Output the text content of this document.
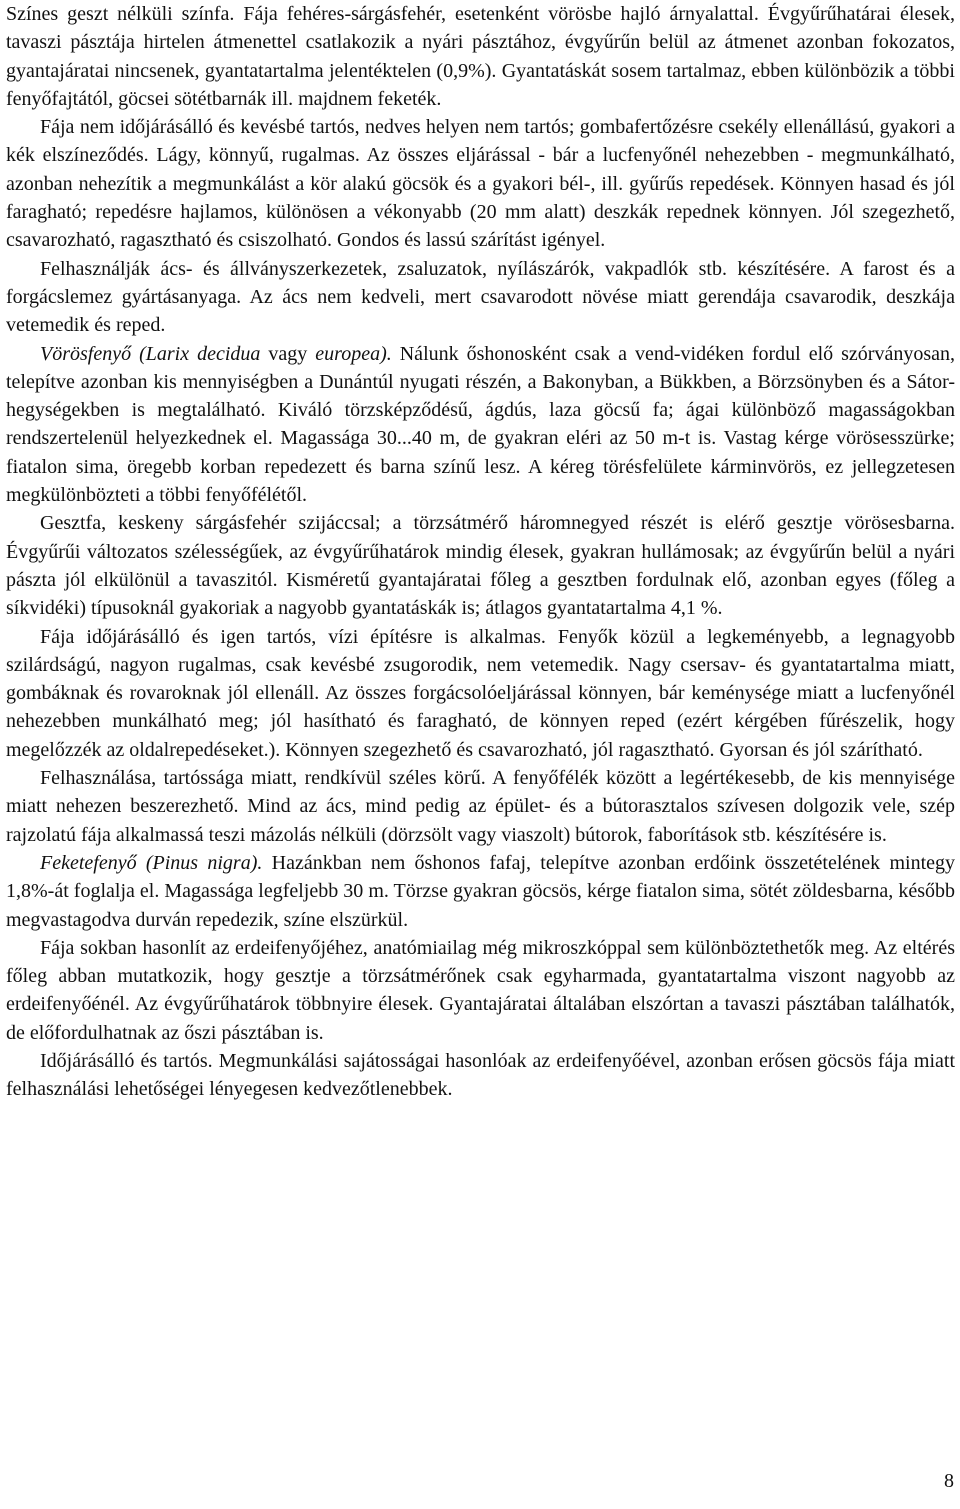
Színes geszt nélküli színfa. Fája fehéres-sárgásfehér, esetenként vörösbe hajló árnyalattal. Évgyűrűhatárai élesek, tavaszi pásztája hirtelen átmenettel csatlakozik a nyári pásztához, évgyűrűn belül az átmenet azonban fokozatos, gyantajáratai nincsenek, gyantatartalma jelentéktelen (0,9%). Gyantatáskát sosem tartalmaz, ebben különbözik a többi fenyőfajtától, göcsei sötétbarnák ill. majdnem feketék.

Fája nem időjárásálló és kevésbé tartós, nedves helyen nem tartós; gombafertőzésre csekély ellenállású, gyakori a kék elszíneződés. Lágy, könnyű, rugalmas. Az összes eljárással - bár a lucfenyőnél nehezebben - megmunkálható, azonban nehezítik a megmunkálást a kör alakú göcsök és a gyakori bél-, ill. gyűrűs repedések. Könnyen hasad és jól faragható; repedésre hajlamos, különösen a vékonyabb (20 mm alatt) deszkák repednek könnyen. Jól szegezhető, csavarozható, ragasztható és csiszolható. Gondos és lassú szárítást igényel.

Felhasználják ács- és állványszerkezetek, zsaluzatok, nyílászárók, vakpadlók stb. készítésére. A farost és a forgácslemez gyártásanyaga. Az ács nem kedveli, mert csavarodott növése miatt gerendája csavarodik, deszkája vetemedik és reped.

Vörösfenyő (Larix decidua vagy europea). Nálunk őshonosként csak a vend-vidéken fordul elő szórványosan, telepítve azonban kis mennyiségben a Dunántúl nyugati részén, a Bakonyban, a Bükkben, a Börzsönyben és a Sátor-hegységekben is megtalálható. Kiváló törzsképződésű, ágdús, laza göcsű fa; ágai különböző magasságokban rendszertelenül helyezkednek el. Magassága 30...40 m, de gyakran eléri az 50 m-t is. Vastag kérge vörösesszürke; fiatalon sima, öregebb korban repedezett és barna színű lesz. A kéreg törésfelülete kárminvörös, ez jellegzetesen megkülönbözteti a többi fenyőfélétől.

Gesztfa, keskeny sárgásfehér szijáccsal; a törzsátmérő háromnegyed részét is elérő gesztje vörösesbarna. Évgyűrűi változatos szélességűek, az évgyűrűhatárok mindig élesek, gyakran hullámosak; az évgyűrűn belül a nyári pászta jól elkülönül a tavaszitól. Kisméretű gyantajáratai főleg a gesztben fordulnak elő, azonban egyes (főleg a síkvidéki) típusoknál gyakoriak a nagyobb gyantatáskák is; átlagos gyantatartalma 4,1 %.

Fája időjárásálló és igen tartós, vízi építésre is alkalmas. Fenyők közül a legkeményebb, a legnagyobb szilárdságú, nagyon rugalmas, csak kevésbé zsugorodik, nem vetemedik. Nagy csersav- és gyantatartalma miatt, gombáknak és rovaroknak jól ellenáll. Az összes forgácsolóeljárással könnyen, bár keménysége miatt a lucfenyőnél nehezebben munkálható meg; jól hasítható és faragható, de könnyen reped (ezért kérgében fűrészelik, hogy megelőzzék az oldalrepedéseket.). Könnyen szegezhető és csavarozható, jól ragasztható. Gyorsan és jól szárítható.

Felhasználása, tartóssága miatt, rendkívül széles körű. A fenyőfélék között a legértékesebb, de kis mennyisége miatt nehezen beszerezhető. Mind az ács, mind pedig az épület- és a bútorasztalos szívesen dolgozik vele, szép rajzolatú fája alkalmassá teszi mázolás nélküli (dörzsölt vagy viaszolt) bútorok, faborítások stb. készítésére is.

Feketefenyő (Pinus nigra). Hazánkban nem őshonos fafaj, telepítve azonban erdőink összetételének mintegy 1,8%-át foglalja el. Magassága legfeljebb 30 m. Törzse gyakran göcsös, kérge fiatalon sima, sötét zöldesbarna, később megvastagodva durván repedezik, színe elszürkül.

Fája sokban hasonlít az erdeifenyőjéhez, anatómiailag még mikroszkóppal sem különböztethetők meg. Az eltérés főleg abban mutatkozik, hogy gesztje a törzsátmérőnek csak egyharmada, gyantatartalma viszont nagyobb az erdeifenyőénél. Az évgyűrűhatárok többnyire élesek. Gyantajáratai általában elszórtan a tavaszi pásztában találhatók, de előfordulhatnak az őszi pásztában is.

Időjárásálló és tartós. Megmunkálási sajátosságai hasonlóak az erdeifenyőével, azonban erősen göcsös fája miatt felhasználási lehetőségei lényegesen kedvezőtlenebbek.

8
